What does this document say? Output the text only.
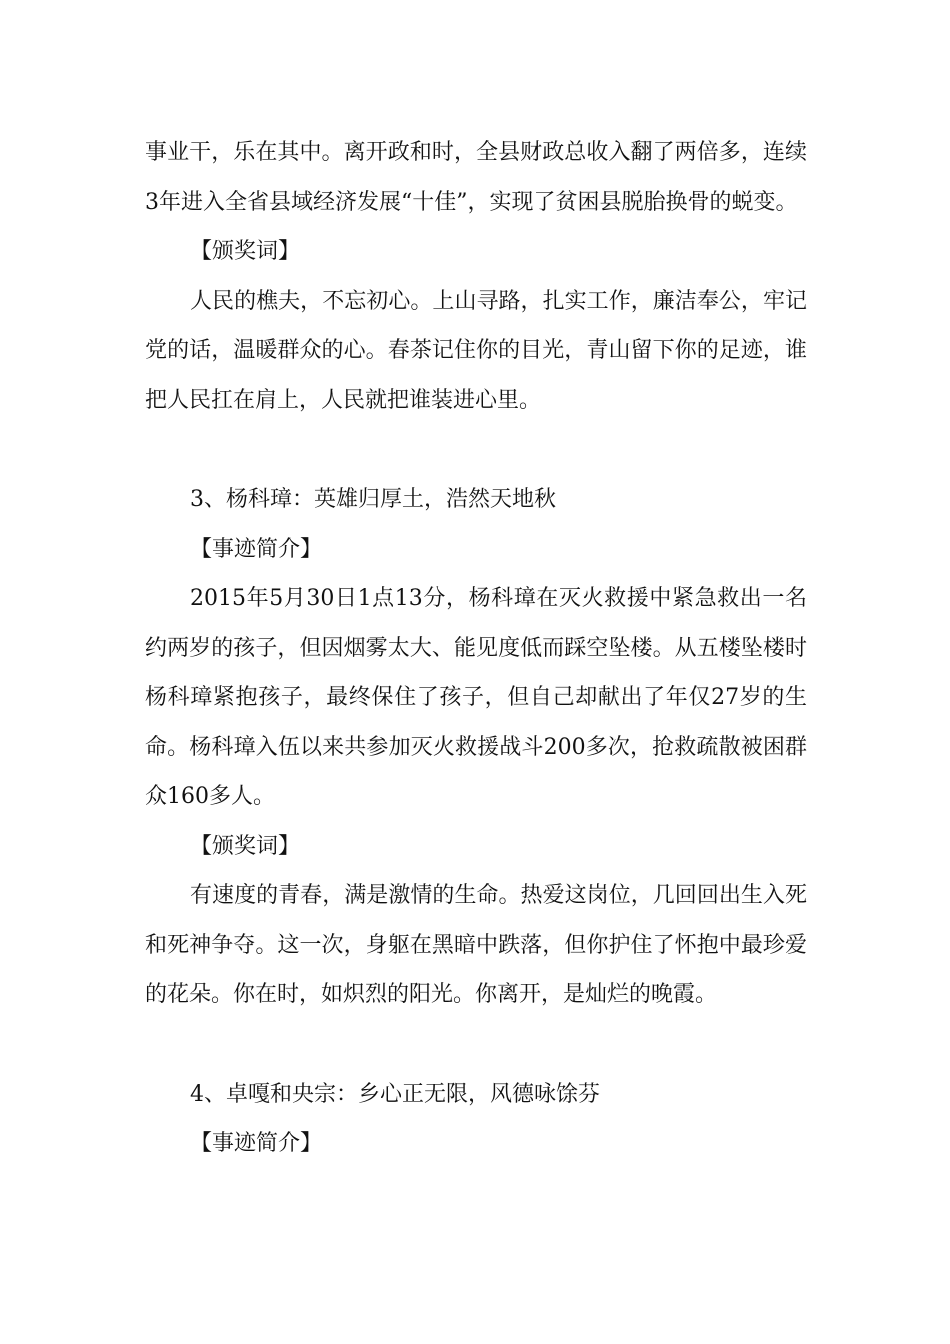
事业干，乐在其中。离开政和时，全县财政总收入翻了两倍多，连续3年进入全省县域经济发展“十佳”，实现了贫困县脱胎换骨的蜕变。

【颁奖词】

人民的樵夫，不忘初心。上山寻路，扎实工作，廉洁奉公，牢记党的话，温暖群众的心。春茶记住你的目光，青山留下你的足迹，谁把人民扛在肩上，人民就把谁装进心里。

3、杨科璋：英雄归厚土，浩然天地秋

【事迹简介】

2015年5月30日1点13分，杨科璋在灭火救援中紧急救出一名约两岁的孩子，但因烟雾太大、能见度低而踩空坠楼。从五楼坠楼时杨科璋紧抱孩子，最终保住了孩子，但自己却献出了年仅27岁的生命。杨科璋入伍以来共参加灭火救援战斗200多次，抢救疏散被困群众160多人。

【颁奖词】

有速度的青春，满是激情的生命。热爱这岗位，几回回出生入死和死神争夺。这一次，身躯在黑暗中跌落，但你护住了怀抱中最珍爱的花朵。你在时，如炽烈的阳光。你离开，是灿烂的晚霞。

4、卓嘎和央宗：乡心正无限，风德咏馀芬

【事迹简介】
